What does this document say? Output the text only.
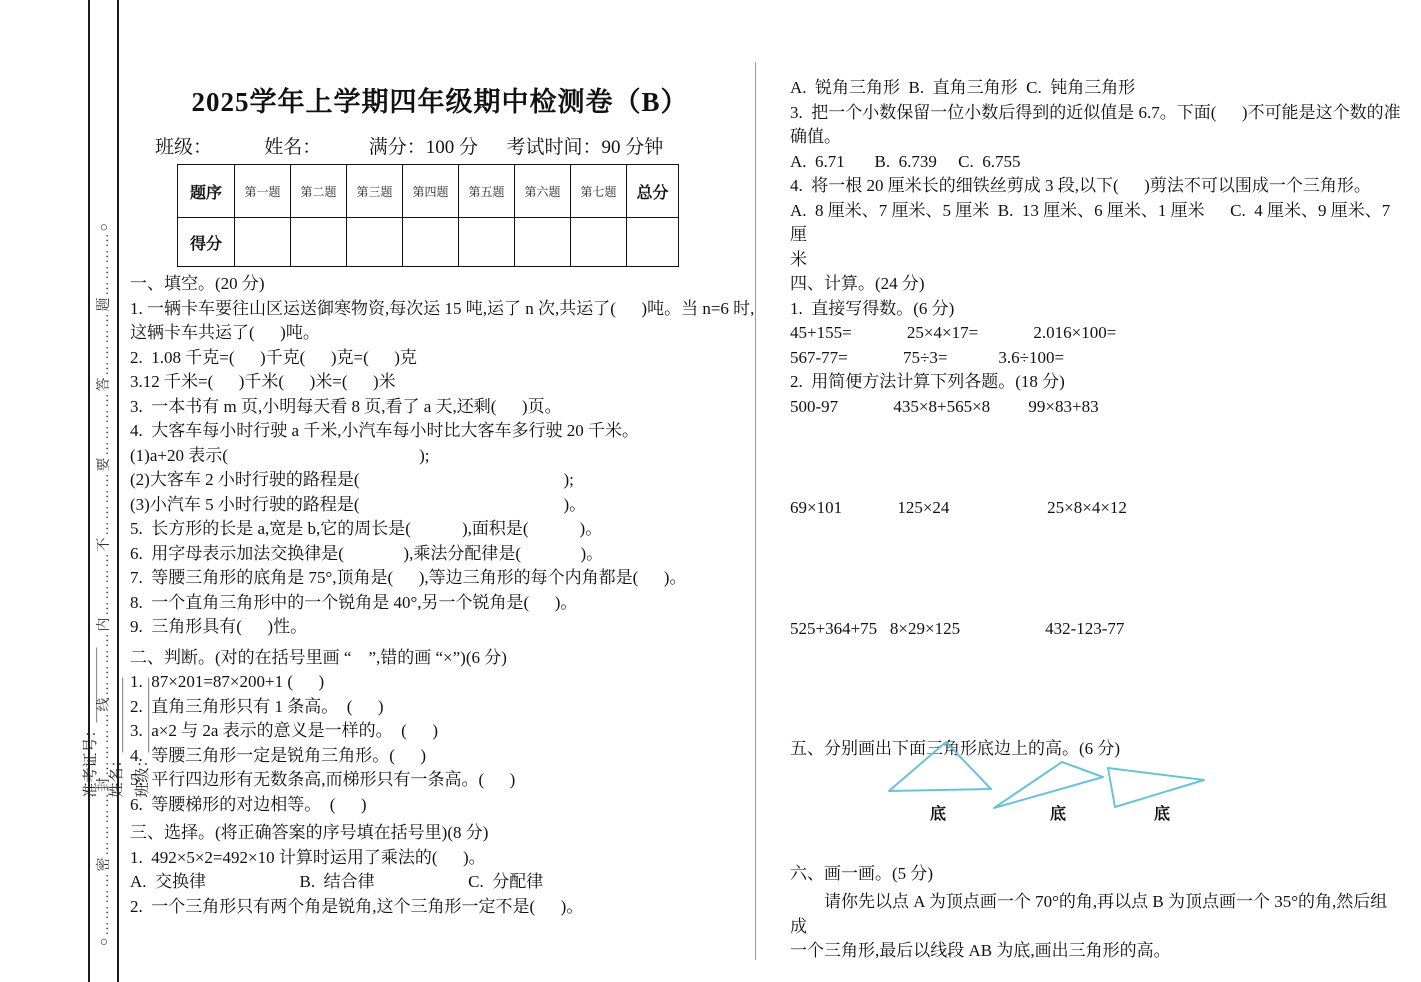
准考证号：＿＿＿＿＿ 姓名：＿＿＿＿＿ 班级：＿＿＿＿＿

○…………密…………封…………线…………内…………不…………要…………答…………题…………○
2025学年上学期四年级期中检测卷（B）
班级：           姓名：          满分：100 分      考试时间：90 分钟
题序	第一题	第二题	第三题	第四题	第五题	第六题	第七题	总分
得分								
一、填空。(20 分)
1. 一辆卡车要往山区运送御寒物资,每次运 15 吨,运了 n 次,共运了(      )吨。当 n=6 时,
这辆卡车共运了(      )吨。
2.  1.08 千克=(      )千克(      )克=(      )克
3.12 千米=(      )千米(      )米=(      )米
3.  一本书有 m 页,小明每天看 8 页,看了 a 天,还剩(      )页。
4.  大客车每小时行驶 a 千米,小汽车每小时比大客车多行驶 20 千米。
(1)a+20 表示(                                             );
(2)大客车 2 小时行驶的路程是(                                                );
(3)小汽车 5 小时行驶的路程是(                                                )。
5.  长方形的长是 a,宽是 b,它的周长是(            ),面积是(            )。
6.  用字母表示加法交换律是(              ),乘法分配律是(              )。
7.  等腰三角形的底角是 75°,顶角是(      ),等边三角形的每个内角都是(      )。
8.  一个直角三角形中的一个锐角是 40°,另一个锐角是(      )。
9.  三角形具有(      )性。
二、判断。(对的在括号里画 “　”,错的画 “×”)(6 分)
1.  87×201=87×200+1 (      )
2.  直角三角形只有 1 条高。　(      )
3.  a×2 与 2a 表示的意义是一样的。　(      )
4.  等腰三角形一定是锐角三角形。(      )
5.  平行四边形有无数条高,而梯形只有一条高。(      )
6.  等腰梯形的对边相等。　(      )
三、选择。(将正确答案的序号填在括号里)(8 分)
1.  492×5×2=492×10 计算时运用了乘法的(      )。
A.  交换律                      B.  结合律                      C.  分配律
2.  一个三角形只有两个角是锐角,这个三角形一定不是(      )。
A.  锐角三角形  B.  直角三角形  C.  钝角三角形
3.  把一个小数保留一位小数后得到的近似值是 6.7。下面(      )不可能是这个数的准
确值。
A.  6.71       B.  6.739     C.  6.755
4.  将一根 20 厘米长的细铁丝剪成 3 段,以下(      )剪法不可以围成一个三角形。
A.  8 厘米、7 厘米、5 厘米  B.  13 厘米、6 厘米、1 厘米      C.  4 厘米、9 厘米、7 厘
米
四、计算。(24 分)
1.  直接写得数。(6 分)
45+155=             25×4×17=             2.016×100=
567-77=             75÷3=            3.6÷100=
2.  用简便方法计算下列各题。(18 分)
500-97             435×8+565×8         99×83+83
69×101             125×24                       25×8×4×12
525+364+75   8×29×125                    432-123-77
五、分别画出下面三角形底边上的高。(6 分)
六、画一画。(5 分)
　　请你先以点 A 为顶点画一个 70°的角,再以点 B 为顶点画一个 35°的角,然后组成
一个三角形,最后以线段 AB 为底,画出三角形的高。
底	底	底
